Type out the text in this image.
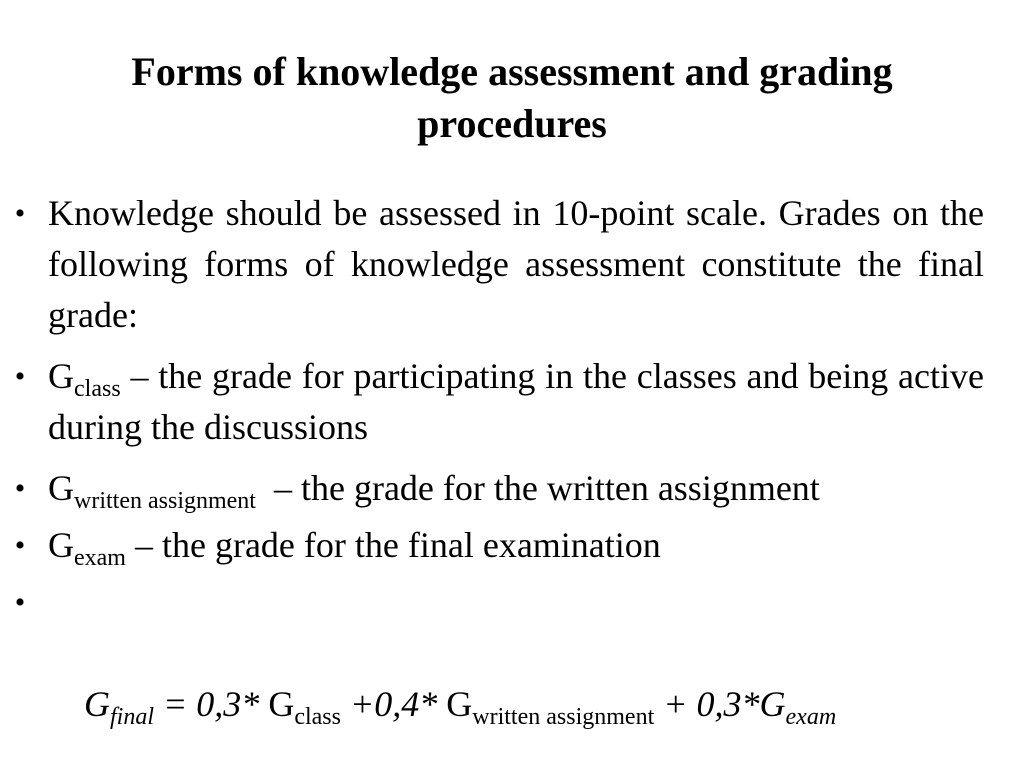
Forms of knowledge assessment and grading procedures
• Knowledge should be assessed in 10-point scale. Grades on the following forms of knowledge assessment constitute the final grade:
• $G_{class}$ – the grade for participating in the classes and being active during the discussions
• $G_{written assignment}$  – the grade for the written assignment
• $G_{exam}$ – the grade for the final examination

•

$G_{final} = 0,3*$ $G_{class} +0,4*$ $G_{written assignment} + 0,3*G_{exam}$
